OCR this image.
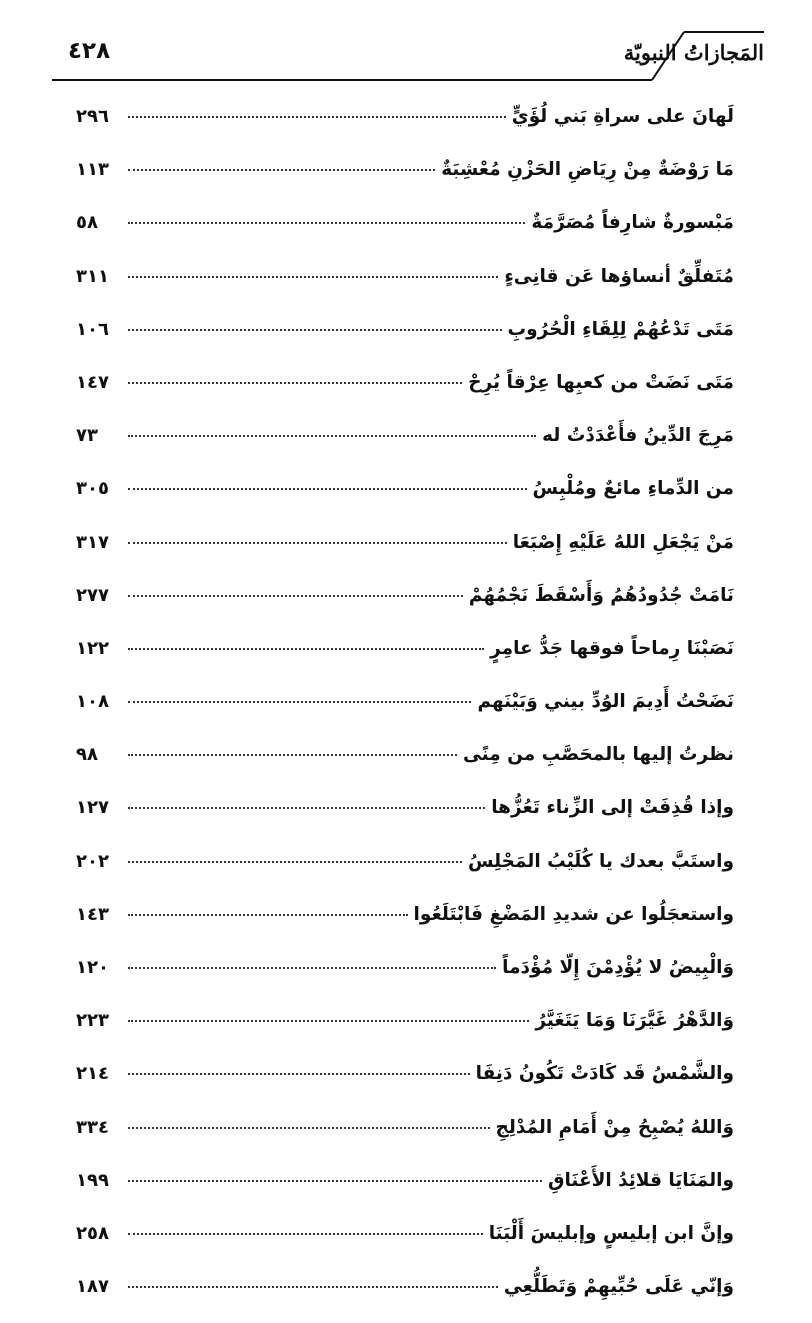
المَجازاتُ النبويّة
٤٢٨
لَهانَ على سراةِ بَني لُؤَيٍّ
٢٩٦
مَا رَوْضَةٌ مِنْ رِيَاضِ الحَزْنِ مُعْشِبَةٌ
١١٣
مَبْسورةٌ شارِفاً مُصَرَّمَةٌ
٥٨
مُتَفلِّقٌ أنساؤها عَن قانِىءٍ
٣١١
مَتَى تَدْعُهُمْ لِلِقَاءِ الْحُرُوبِ
١٠٦
مَتَى نَضَتْ من كعبِها عِرْقاً يُرِحْ
١٤٧
مَرِجَ الدِّينُ فأَعْدَدْتُ له
٧٣
من الدِّماءِ مائعٌ ومُلْبِسُ
٣٠٥
مَنْ يَجْعَلِ اللهُ عَلَيْهِ إِصْبَعَا
٣١٧
نَامَتْ جُدُودُهُمُ وَأَسْقَطَ نَجْمُهُمْ
٢٧٧
نَصَبْنَا رِماحاً فوقها جَدُّ عامِرٍ
١٢٢
نَضَحْتُ أَدِيمَ الوُدِّ بيني وَبَيْنَهم
١٠٨
نظرتُ إليها بالمحَصَّبِ من مِنًى
٩٨
وإذا قُذِفَتْ إلى الزِّناء تَعُزُّها
١٢٧
واستَبَّ بعدك يا كُلَيْبُ المَجْلِسُ
٢٠٢
واستعجَلُوا عن شديدِ المَضْغِ فَابْتَلَعُوا
١٤٣
وَالْبِيضُ لا يُؤْدِمْنَ إِلّا مُؤْدَماً
١٢٠
وَالدَّهْرُ غَيَّرَنَا وَمَا يَتَغَيَّرُ
٢٢٣
والشَّمْسُ قَد كَادَتْ تَكُونُ دَنِفَا
٢١٤
وَاللهُ يُصْبِحُ مِنْ أَمَامِ المُدْلِجِ
٣٣٤
والمَنَايَا قلائِدُ الأَعْنَاقِ
١٩٩
وإنَّ ابن إبليسٍ وإبليسَ أَلْبَنَا
٢٥٨
وَإنّي عَلَى حُبِّيهِمْ وَتَطَلُّعِي
١٨٧
